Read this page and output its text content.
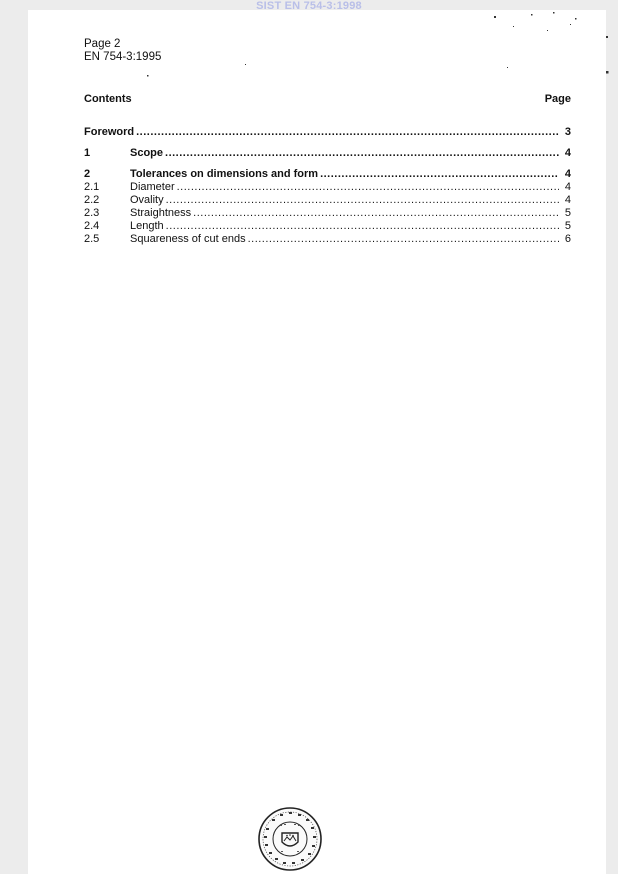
SIST EN 754-3:1998
Page 2
EN 754-3:1995
Contents	Page
Foreword .....	3
1	Scope .....	4
2	Tolerances on dimensions and form .....	4
2.1	Diameter .....	4
2.2	Ovality .....	4
2.3	Straightness .....	5
2.4	Length .....	5
2.5	Squareness of cut ends .....	6
